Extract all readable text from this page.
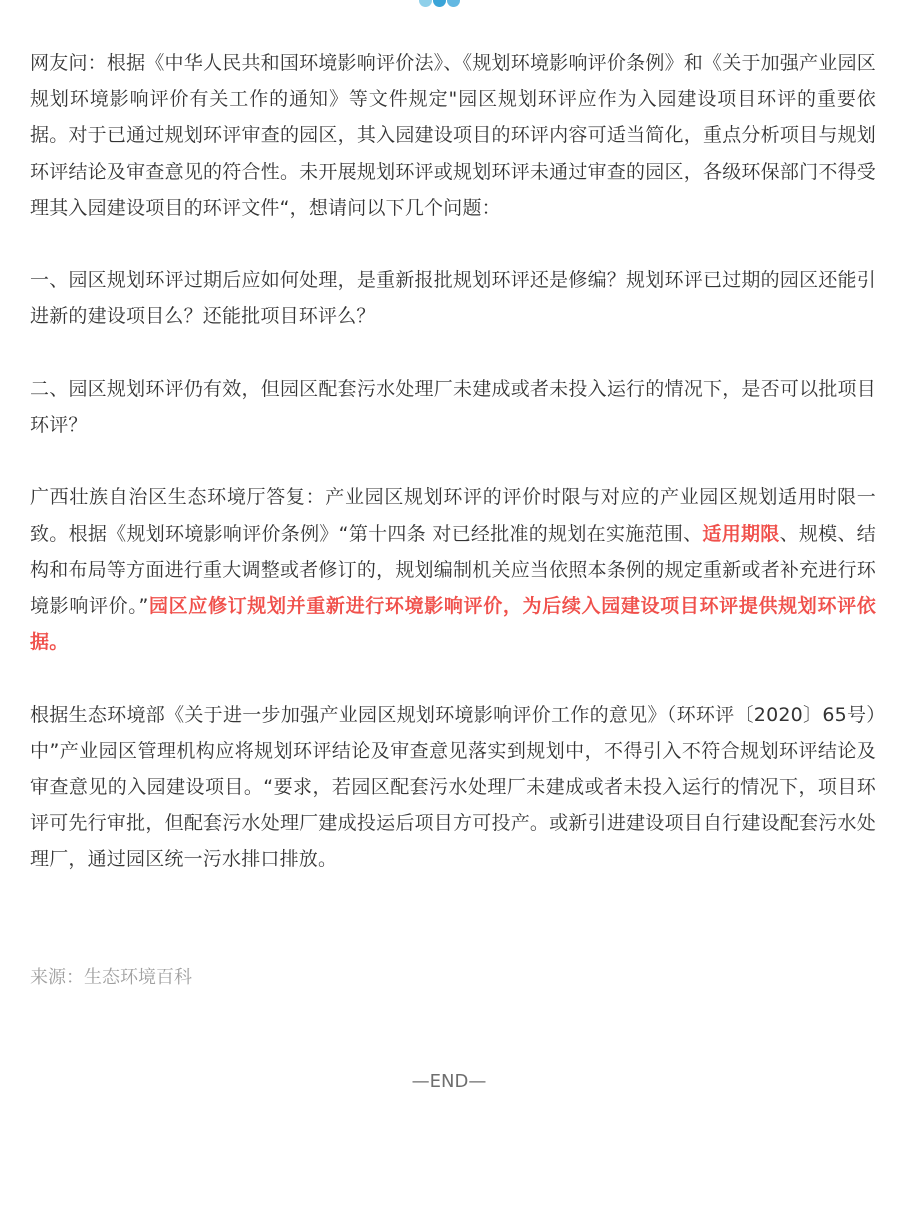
网友问：根据《中华人民共和国环境影响评价法》、《规划环境影响评价条例》和《关于加强产业园区规划环境影响评价有关工作的通知》等文件规定"园区规划环评应作为入园建设项目环评的重要依据。对于已通过规划环评审查的园区，其入园建设项目的环评内容可适当简化，重点分析项目与规划环评结论及审查意见的符合性。未开展规划环评或规划环评未通过审查的园区，各级环保部门不得受理其入园建设项目的环评文件“，想请问以下几个问题：

一、园区规划环评过期后应如何处理，是重新报批规划环评还是修编？规划环评已过期的园区还能引进新的建设项目么？还能批项目环评么？

二、园区规划环评仍有效，但园区配套污水处理厂未建成或者未投入运行的情况下，是否可以批项目环评？

广西壮族自治区生态环境厅答复：产业园区规划环评的评价时限与对应的产业园区规划适用时限一致。根据《规划环境影响评价条例》“第十四条 对已经批准的规划在实施范围、适用期限、规模、结构和布局等方面进行重大调整或者修订的，规划编制机关应当依照本条例的规定重新或者补充进行环境影响评价。”园区应修订规划并重新进行环境影响评价，为后续入园建设项目环评提供规划环评依据。

根据生态环境部《关于进一步加强产业园区规划环境影响评价工作的意见》（环环评〔2020〕65号）中”产业园区管理机构应将规划环评结论及审查意见落实到规划中，不得引入不符合规划环评结论及审查意见的入园建设项目。“要求，若园区配套污水处理厂未建成或者未投入运行的情况下，项目环评可先行审批，但配套污水处理厂建成投运后项目方可投产。或新引进建设项目自行建设配套污水处理厂，通过园区统一污水排口排放。

来源：生态环境百科
—END—
